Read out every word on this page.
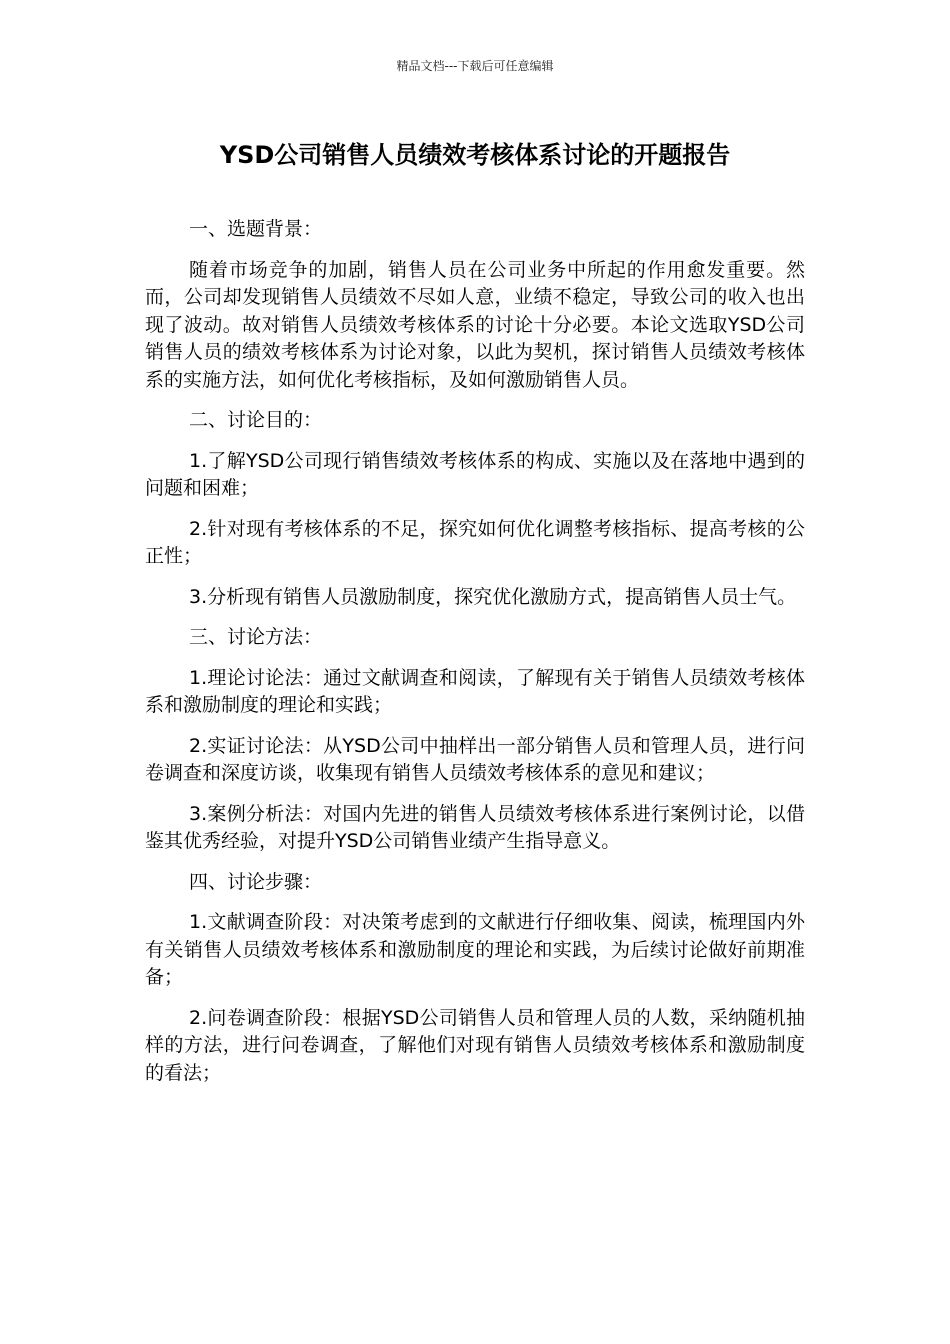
精品文档---下载后可任意编辑
YSD公司销售人员绩效考核体系讨论的开题报告

一、选题背景：

随着市场竞争的加剧，销售人员在公司业务中所起的作用愈发重要。然而，公司却发现销售人员绩效不尽如人意，业绩不稳定，导致公司的收入也出现了波动。故对销售人员绩效考核体系的讨论十分必要。本论文选取YSD公司销售人员的绩效考核体系为讨论对象，以此为契机，探讨销售人员绩效考核体系的实施方法，如何优化考核指标，及如何激励销售人员。

二、讨论目的：

1.了解YSD公司现行销售绩效考核体系的构成、实施以及在落地中遇到的问题和困难；

2.针对现有考核体系的不足，探究如何优化调整考核指标、提高考核的公正性；

3.分析现有销售人员激励制度，探究优化激励方式，提高销售人员士气。

三、讨论方法：

1.理论讨论法：通过文献调查和阅读，了解现有关于销售人员绩效考核体系和激励制度的理论和实践；

2.实证讨论法：从YSD公司中抽样出一部分销售人员和管理人员，进行问卷调查和深度访谈，收集现有销售人员绩效考核体系的意见和建议；

3.案例分析法：对国内先进的销售人员绩效考核体系进行案例讨论，以借鉴其优秀经验，对提升YSD公司销售业绩产生指导意义。

四、讨论步骤：

1.文献调查阶段：对决策考虑到的文献进行仔细收集、阅读，梳理国内外有关销售人员绩效考核体系和激励制度的理论和实践，为后续讨论做好前期准备；

2.问卷调查阶段：根据YSD公司销售人员和管理人员的人数，采纳随机抽样的方法，进行问卷调查，了解他们对现有销售人员绩效考核体系和激励制度的看法；
